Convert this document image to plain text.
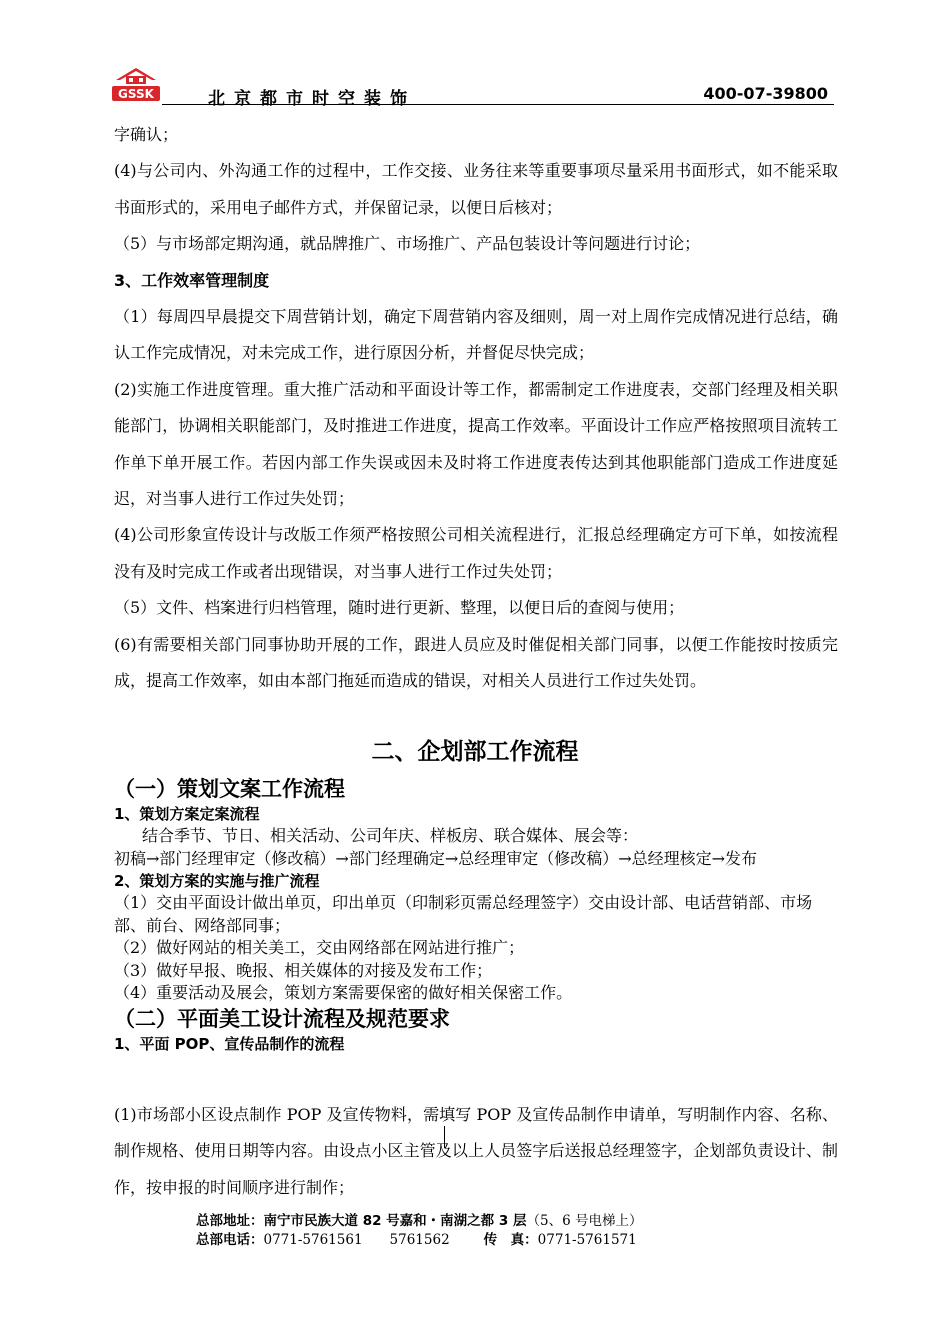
GSSK	北京都市时空装饰	400-07-39800

字确认；

(4)与公司内、外沟通工作的过程中，工作交接、业务往来等重要事项尽量采用书面形式，如不能采取书面形式的，采用电子邮件方式，并保留记录，以便日后核对；

（5）与市场部定期沟通，就品牌推广、市场推广、产品包装设计等问题进行讨论；

3、工作效率管理制度

（1）每周四早晨提交下周营销计划，确定下周营销内容及细则，周一对上周作完成情况进行总结，确认工作完成情况，对未完成工作，进行原因分析，并督促尽快完成；

(2)实施工作进度管理。重大推广活动和平面设计等工作，都需制定工作进度表，交部门经理及相关职能部门，协调相关职能部门，及时推进工作进度，提高工作效率。平面设计工作应严格按照项目流转工作单下单开展工作。若因内部工作失误或因未及时将工作进度表传达到其他职能部门造成工作进度延迟，对当事人进行工作过失处罚；

(4)公司形象宣传设计与改版工作须严格按照公司相关流程进行，汇报总经理确定方可下单，如按流程没有及时完成工作或者出现错误，对当事人进行工作过失处罚；

（5）文件、档案进行归档管理，随时进行更新、整理，以便日后的查阅与使用；

(6)有需要相关部门同事协助开展的工作，跟进人员应及时催促相关部门同事，以便工作能按时按质完成，提高工作效率，如由本部门拖延而造成的错误，对相关人员进行工作过失处罚。

二、企划部工作流程

（一）策划文案工作流程

1、策划方案定案流程

结合季节、节日、相关活动、公司年庆、样板房、联合媒体、展会等：

初稿→部门经理审定（修改稿）→部门经理确定→总经理审定（修改稿）→总经理核定→发布

2、策划方案的实施与推广流程

（1）交由平面设计做出单页，印出单页（印制彩页需总经理签字）交由设计部、电话营销部、市场部、前台、网络部同事；

（2）做好网站的相关美工，交由网络部在网站进行推广；

（3）做好早报、晚报、相关媒体的对接及发布工作；

（4）重要活动及展会，策划方案需要保密的做好相关保密工作。

（二）平面美工设计流程及规范要求

1、平面 POP、宣传品制作的流程

(1)市场部小区设点制作 POP 及宣传物料，需填写 POP 及宣传品制作申请单，写明制作内容、名称、制作规格、使用日期等内容。由设点小区主管及以上人员签字后送报总经理签字，企划部负责设计、制作，按申报的时间顺序进行制作；

总部地址：南宁市民族大道 82 号嘉和・南湖之都 3 层（5、6 号电梯上）
总部电话：0771-5761561　　5761562	传　真：0771-5761571
